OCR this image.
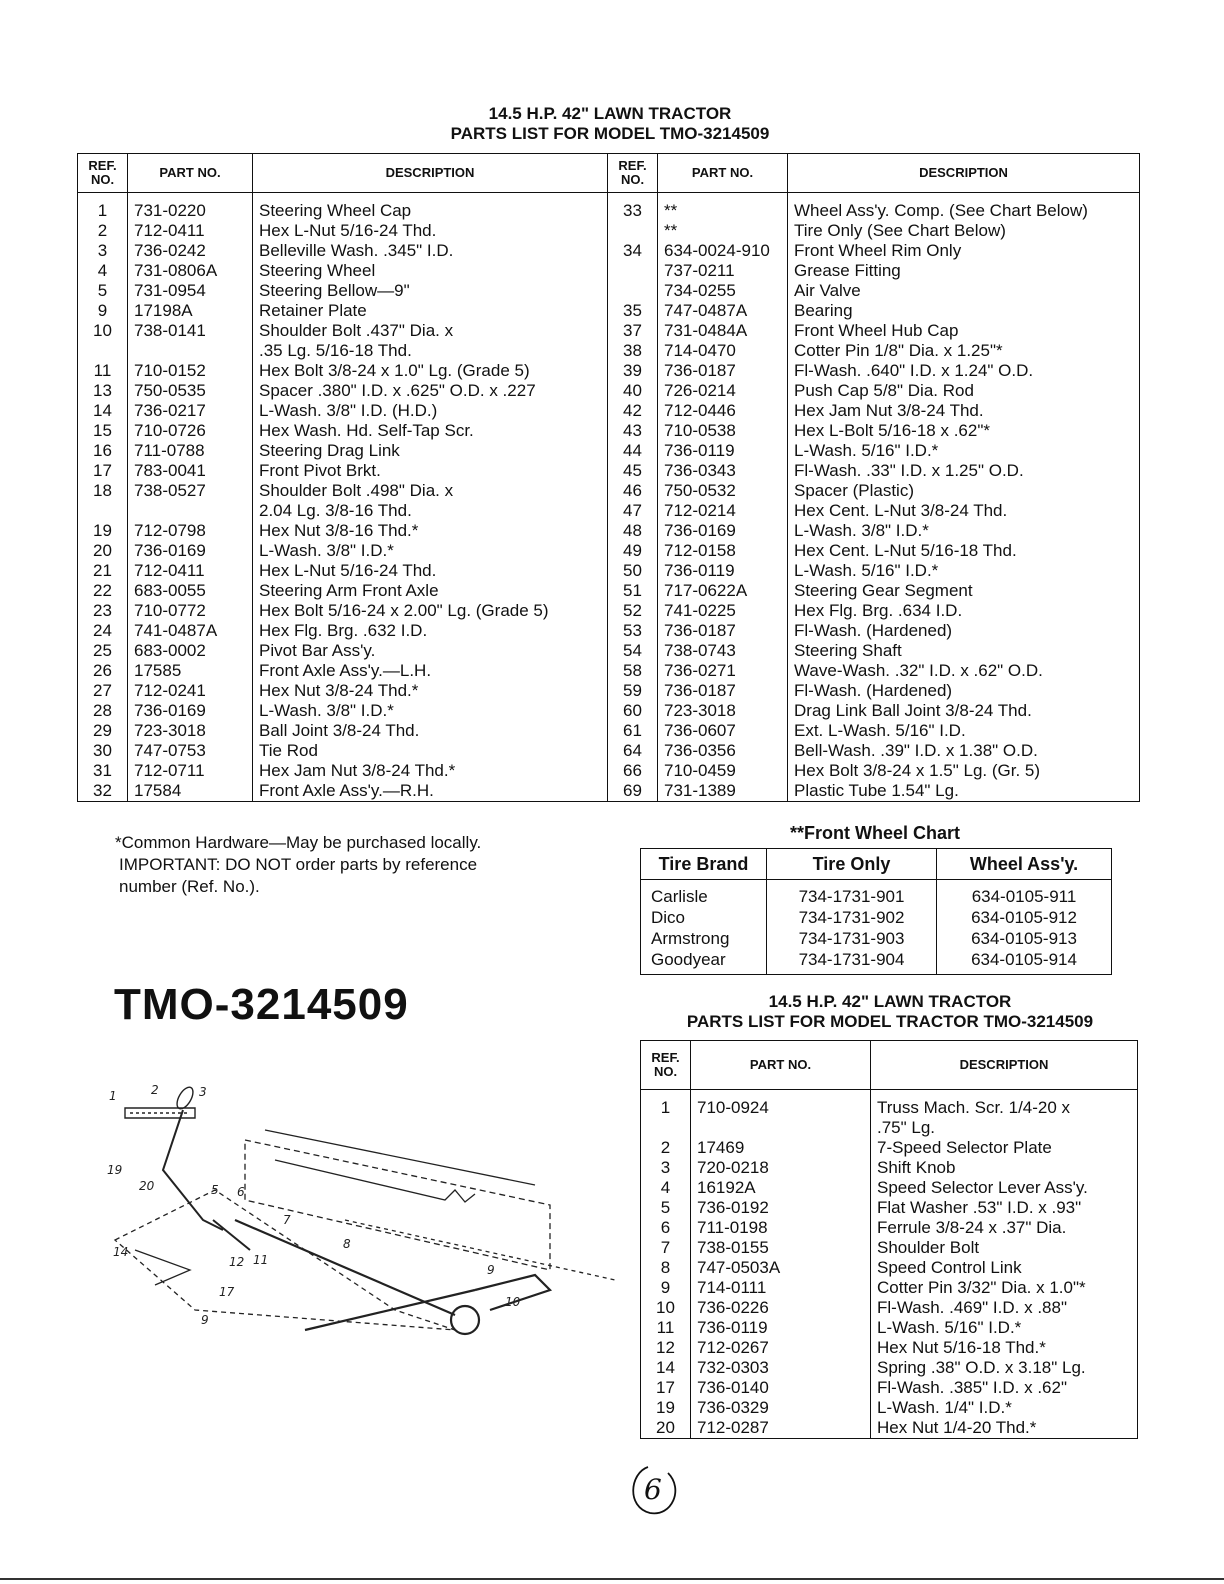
14.5 H.P. 42" LAWN TRACTOR
PARTS LIST FOR MODEL TMO-3214509
REF. NO.	PART NO.	DESCRIPTION	REF. NO.	PART NO.	DESCRIPTION
1	731-0220	Steering Wheel Cap	33	**	Wheel Ass'y. Comp. (See Chart Below)
2	712-0411	Hex L-Nut 5/16-24 Thd.		**	Tire Only (See Chart Below)
3	736-0242	Belleville Wash. .345" I.D.	34	634-0024-910	Front Wheel Rim Only
4	731-0806A	Steering Wheel		737-0211	Grease Fitting
5	731-0954	Steering Bellow—9"		734-0255	Air Valve
9	17198A	Retainer Plate	35	747-0487A	Bearing
10	738-0141	Shoulder Bolt .437" Dia. x	37	731-0484A	Front Wheel Hub Cap
		.35 Lg. 5/16-18 Thd.	38	714-0470	Cotter Pin 1/8" Dia. x 1.25"*
11	710-0152	Hex Bolt 3/8-24 x 1.0" Lg. (Grade 5)	39	736-0187	Fl-Wash. .640" I.D. x 1.24" O.D.
13	750-0535	Spacer .380" I.D. x .625" O.D. x .227	40	726-0214	Push Cap 5/8" Dia. Rod
14	736-0217	L-Wash. 3/8" I.D. (H.D.)	42	712-0446	Hex Jam Nut 3/8-24 Thd.
15	710-0726	Hex Wash. Hd. Self-Tap Scr.	43	710-0538	Hex L-Bolt 5/16-18 x .62"*
16	711-0788	Steering Drag Link	44	736-0119	L-Wash. 5/16" I.D.*
17	783-0041	Front Pivot Brkt.	45	736-0343	Fl-Wash. .33" I.D. x 1.25" O.D.
18	738-0527	Shoulder Bolt .498" Dia. x	46	750-0532	Spacer (Plastic)
		2.04 Lg. 3/8-16 Thd.	47	712-0214	Hex Cent. L-Nut 3/8-24 Thd.
19	712-0798	Hex Nut 3/8-16 Thd.*	48	736-0169	L-Wash. 3/8" I.D.*
20	736-0169	L-Wash. 3/8" I.D.*	49	712-0158	Hex Cent. L-Nut 5/16-18 Thd.
21	712-0411	Hex L-Nut 5/16-24 Thd.	50	736-0119	L-Wash. 5/16" I.D.*
22	683-0055	Steering Arm Front Axle	51	717-0622A	Steering Gear Segment
23	710-0772	Hex Bolt 5/16-24 x 2.00" Lg. (Grade 5)	52	741-0225	Hex Flg. Brg. .634 I.D.
24	741-0487A	Hex Flg. Brg. .632 I.D.	53	736-0187	Fl-Wash. (Hardened)
25	683-0002	Pivot Bar Ass'y.	54	738-0743	Steering Shaft
26	17585	Front Axle Ass'y.—L.H.	58	736-0271	Wave-Wash. .32" I.D. x .62" O.D.
27	712-0241	Hex Nut 3/8-24 Thd.*	59	736-0187	Fl-Wash. (Hardened)
28	736-0169	L-Wash. 3/8" I.D.*	60	723-3018	Drag Link Ball Joint 3/8-24 Thd.
29	723-3018	Ball Joint 3/8-24 Thd.	61	736-0607	Ext. L-Wash. 5/16" I.D.
30	747-0753	Tie Rod	64	736-0356	Bell-Wash. .39" I.D. x 1.38" O.D.
31	712-0711	Hex Jam Nut 3/8-24 Thd.*	66	710-0459	Hex Bolt 3/8-24 x 1.5" Lg. (Gr. 5)
32	17584	Front Axle Ass'y.—R.H.	69	731-1389	Plastic Tube 1.54" Lg.
*Common Hardware—May be purchased locally.
IMPORTANT: DO NOT order parts by reference
number (Ref. No.).
**Front Wheel Chart
Tire Brand	Tire Only	Wheel Ass'y.
Carlisle	734-1731-901	634-0105-911
Dico	734-1731-902	634-0105-912
Armstrong	734-1731-903	634-0105-913
Goodyear	734-1731-904	634-0105-914
TMO-3214509	14.5 H.P. 42" LAWN TRACTOR
PARTS LIST FOR MODEL TRACTOR TMO-3214509
REF. NO.	PART NO.	DESCRIPTION
1	710-0924	Truss Mach. Scr. 1/4-20 x
		.75" Lg.
2	17469	7-Speed Selector Plate
3	720-0218	Shift Knob
4	16192A	Speed Selector Lever Ass'y.
5	736-0192	Flat Washer .53" I.D. x .93"
6	711-0198	Ferrule 3/8-24 x .37" Dia.
7	738-0155	Shoulder Bolt
8	747-0503A	Speed Control Link
9	714-0111	Cotter Pin 3/32" Dia. x 1.0"*
10	736-0226	Fl-Wash. .469" I.D. x .88"
11	736-0119	L-Wash. 5/16" I.D.*
12	712-0267	Hex Nut 5/16-18 Thd.*
14	732-0303	Spring .38" O.D. x 3.18" Lg.
17	736-0140	Fl-Wash. .385" I.D. x .62"
19	736-0329	L-Wash. 1/4" I.D.*
20	712-0287	Hex Nut 1/4-20 Thd.*
1	2	3
19
20	5 6
7
8
14
12 11
17
9
9
10
6
